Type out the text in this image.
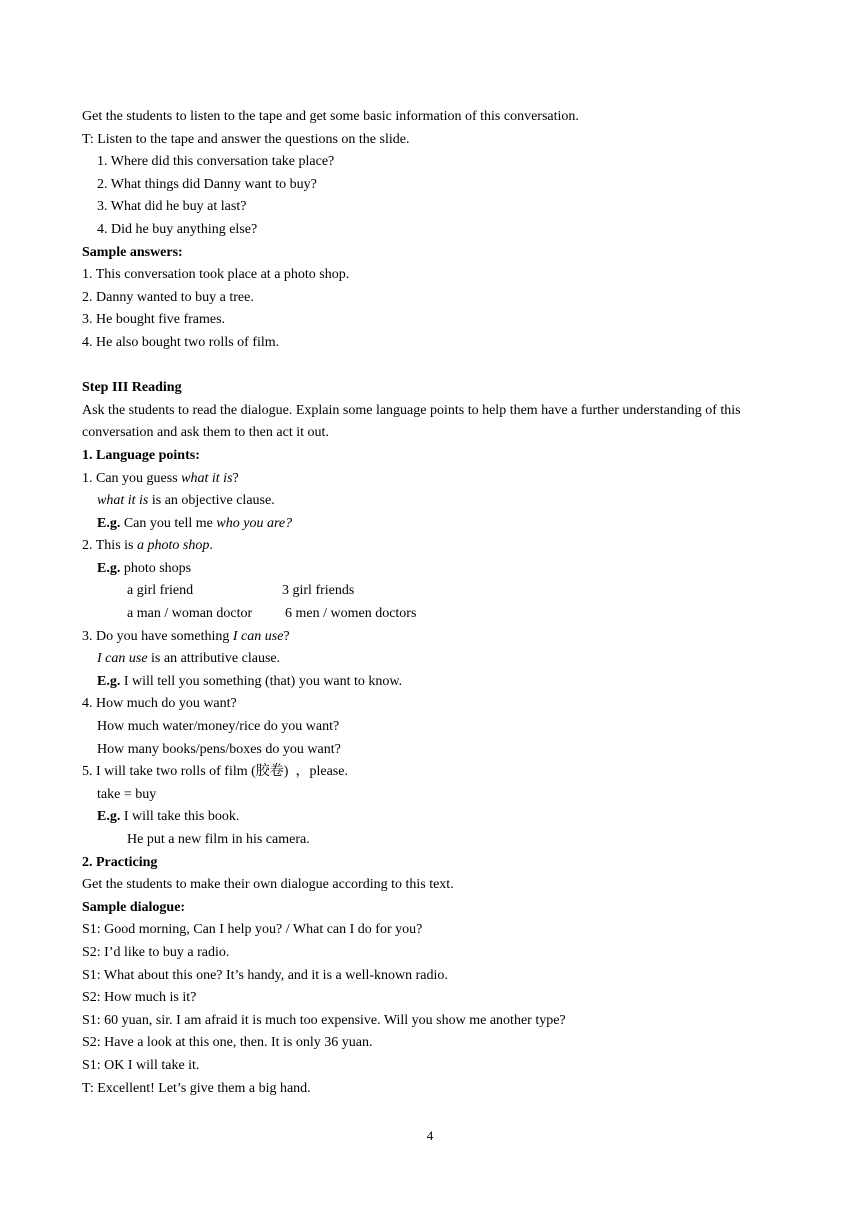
Get the students to listen to the tape and get some basic information of this conversation.
T: Listen to the tape and answer the questions on the slide.
1. Where did this conversation take place?
2. What things did Danny want to buy?
3. What did he buy at last?
4. Did he buy anything else?
Sample answers:
1. This conversation took place at a photo shop.
2. Danny wanted to buy a tree.
3. He bought five frames.
4. He also bought two rolls of film.
Step III Reading
Ask the students to read the dialogue. Explain some language points to help them have a further understanding of this conversation and ask them to then act it out.
1. Language points:
1. Can you guess what it is?
what it is is an objective clause.
E.g. Can you tell me who you are?
2. This is a photo shop.
E.g. photo shops
a girl friend	3 girl friends
a man / woman doctor 6 men / women doctors
3. Do you have something I can use?
I can use is an attributive clause.
E.g. I will tell you something (that) you want to know.
4. How much do you want?
How much water/money/rice do you want?
How many books/pens/boxes do you want?
5. I will take two rolls of film (胶卷)  ，please.
take = buy
E.g. I will take this book.
He put a new film in his camera.
2. Practicing
Get the students to make their own dialogue according to this text.
Sample dialogue:
S1: Good morning, Can I help you? / What can I do for you?
S2: I’d like to buy a radio.
S1: What about this one? It’s handy, and it is a well-known radio.
S2: How much is it?
S1: 60 yuan, sir. I am afraid it is much too expensive. Will you show me another type?
S2: Have a look at this one, then. It is only 36 yuan.
S1: OK I will take it.
T: Excellent! Let’s give them a big hand.
4
